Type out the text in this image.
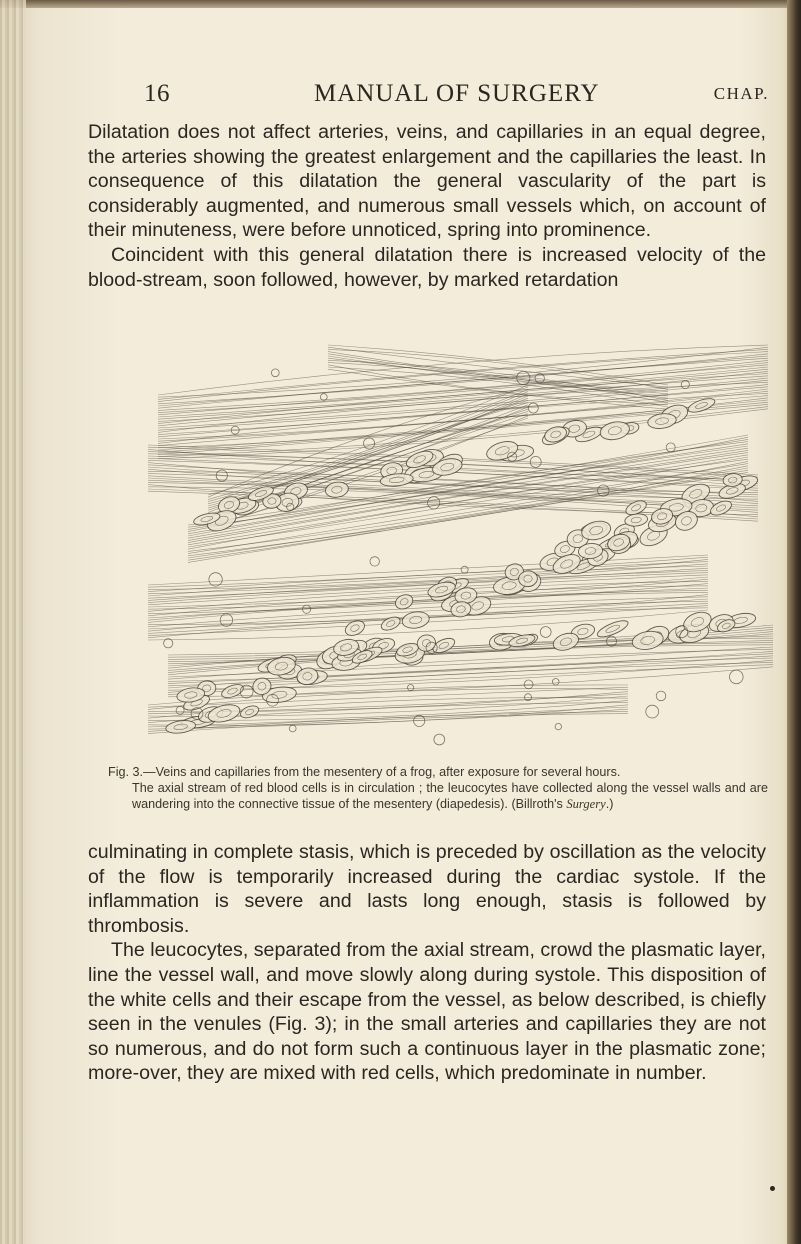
16	MANUAL OF SURGERY	CHAP.

Dilatation does not affect arteries, veins, and capillaries in an equal degree, the arteries showing the greatest enlargement and the capillaries the least. In consequence of this dilatation the general vascularity of the part is considerably augmented, and numerous small vessels which, on account of their minuteness, were before unnoticed, spring into prominence.

Coincident with this general dilatation there is increased velocity of the blood-stream, soon followed, however, by marked retardation

Fig. 3.—Veins and capillaries from the mesentery of a frog, after exposure for several hours.
The axial stream of red blood cells is in circulation ; the leucocytes have collected along the vessel walls and are wandering into the connective tissue of the mesentery (diapedesis). (Billroth's Surgery.)

culminating in complete stasis, which is preceded by oscillation as the velocity of the flow is temporarily increased during the cardiac systole. If the inflammation is severe and lasts long enough, stasis is followed by thrombosis.

The leucocytes, separated from the axial stream, crowd the plasmatic layer, line the vessel wall, and move slowly along during systole. This disposition of the white cells and their escape from the vessel, as below described, is chiefly seen in the venules (Fig. 3); in the small arteries and capillaries they are not so numerous, and do not form such a continuous layer in the plasmatic zone; more-over, they are mixed with red cells, which predominate in number.
